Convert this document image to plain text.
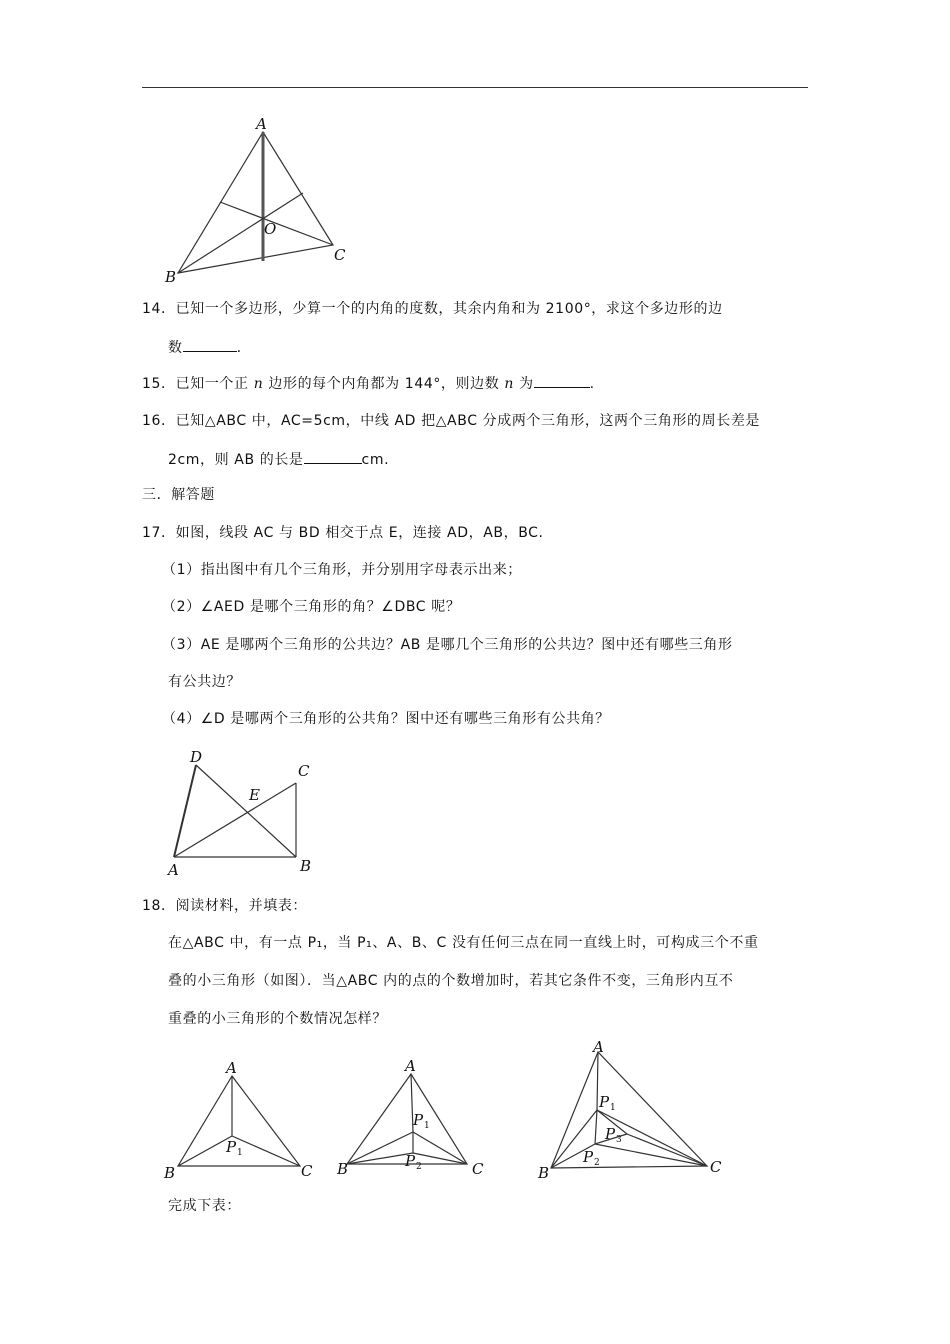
A
B
C
O
14．已知一个多边形，少算一个的内角的度数，其余内角和为 2100°，求这个多边形的边
数	.
15．已知一个正 n 边形的每个内角都为 144°，则边数 n 为	.
16．已知△ABC 中，AC=5cm，中线 AD 把△ABC 分成两个三角形，这两个三角形的周长差是
2cm，则 AB 的长是	cm.
三．解答题
17．如图，线段 AC 与 BD 相交于点 E，连接 AD，AB，BC.
（1）指出图中有几个三角形，并分别用字母表示出来；
（2）∠AED 是哪个三角形的角？∠DBC 呢？
（3）AE 是哪两个三角形的公共边？AB 是哪几个三角形的公共边？图中还有哪些三角形
有公共边？
（4）∠D 是哪两个三角形的公共角？图中还有哪些三角形有公共角？
D
C
E
A	B
18．阅读材料，并填表：
在△ABC 中，有一点 P₁，当 P₁、A、B、C 没有任何三点在同一直线上时，可构成三个不重
叠的小三角形（如图）．当△ABC 内的点的个数增加时，若其它条件不变，三角形内互不
重叠的小三角形的个数情况怎样？
A
B	C
P 1
A
B	C
P 1
P 2
A
B	C
P 1
P 2
P 3
完成下表：
